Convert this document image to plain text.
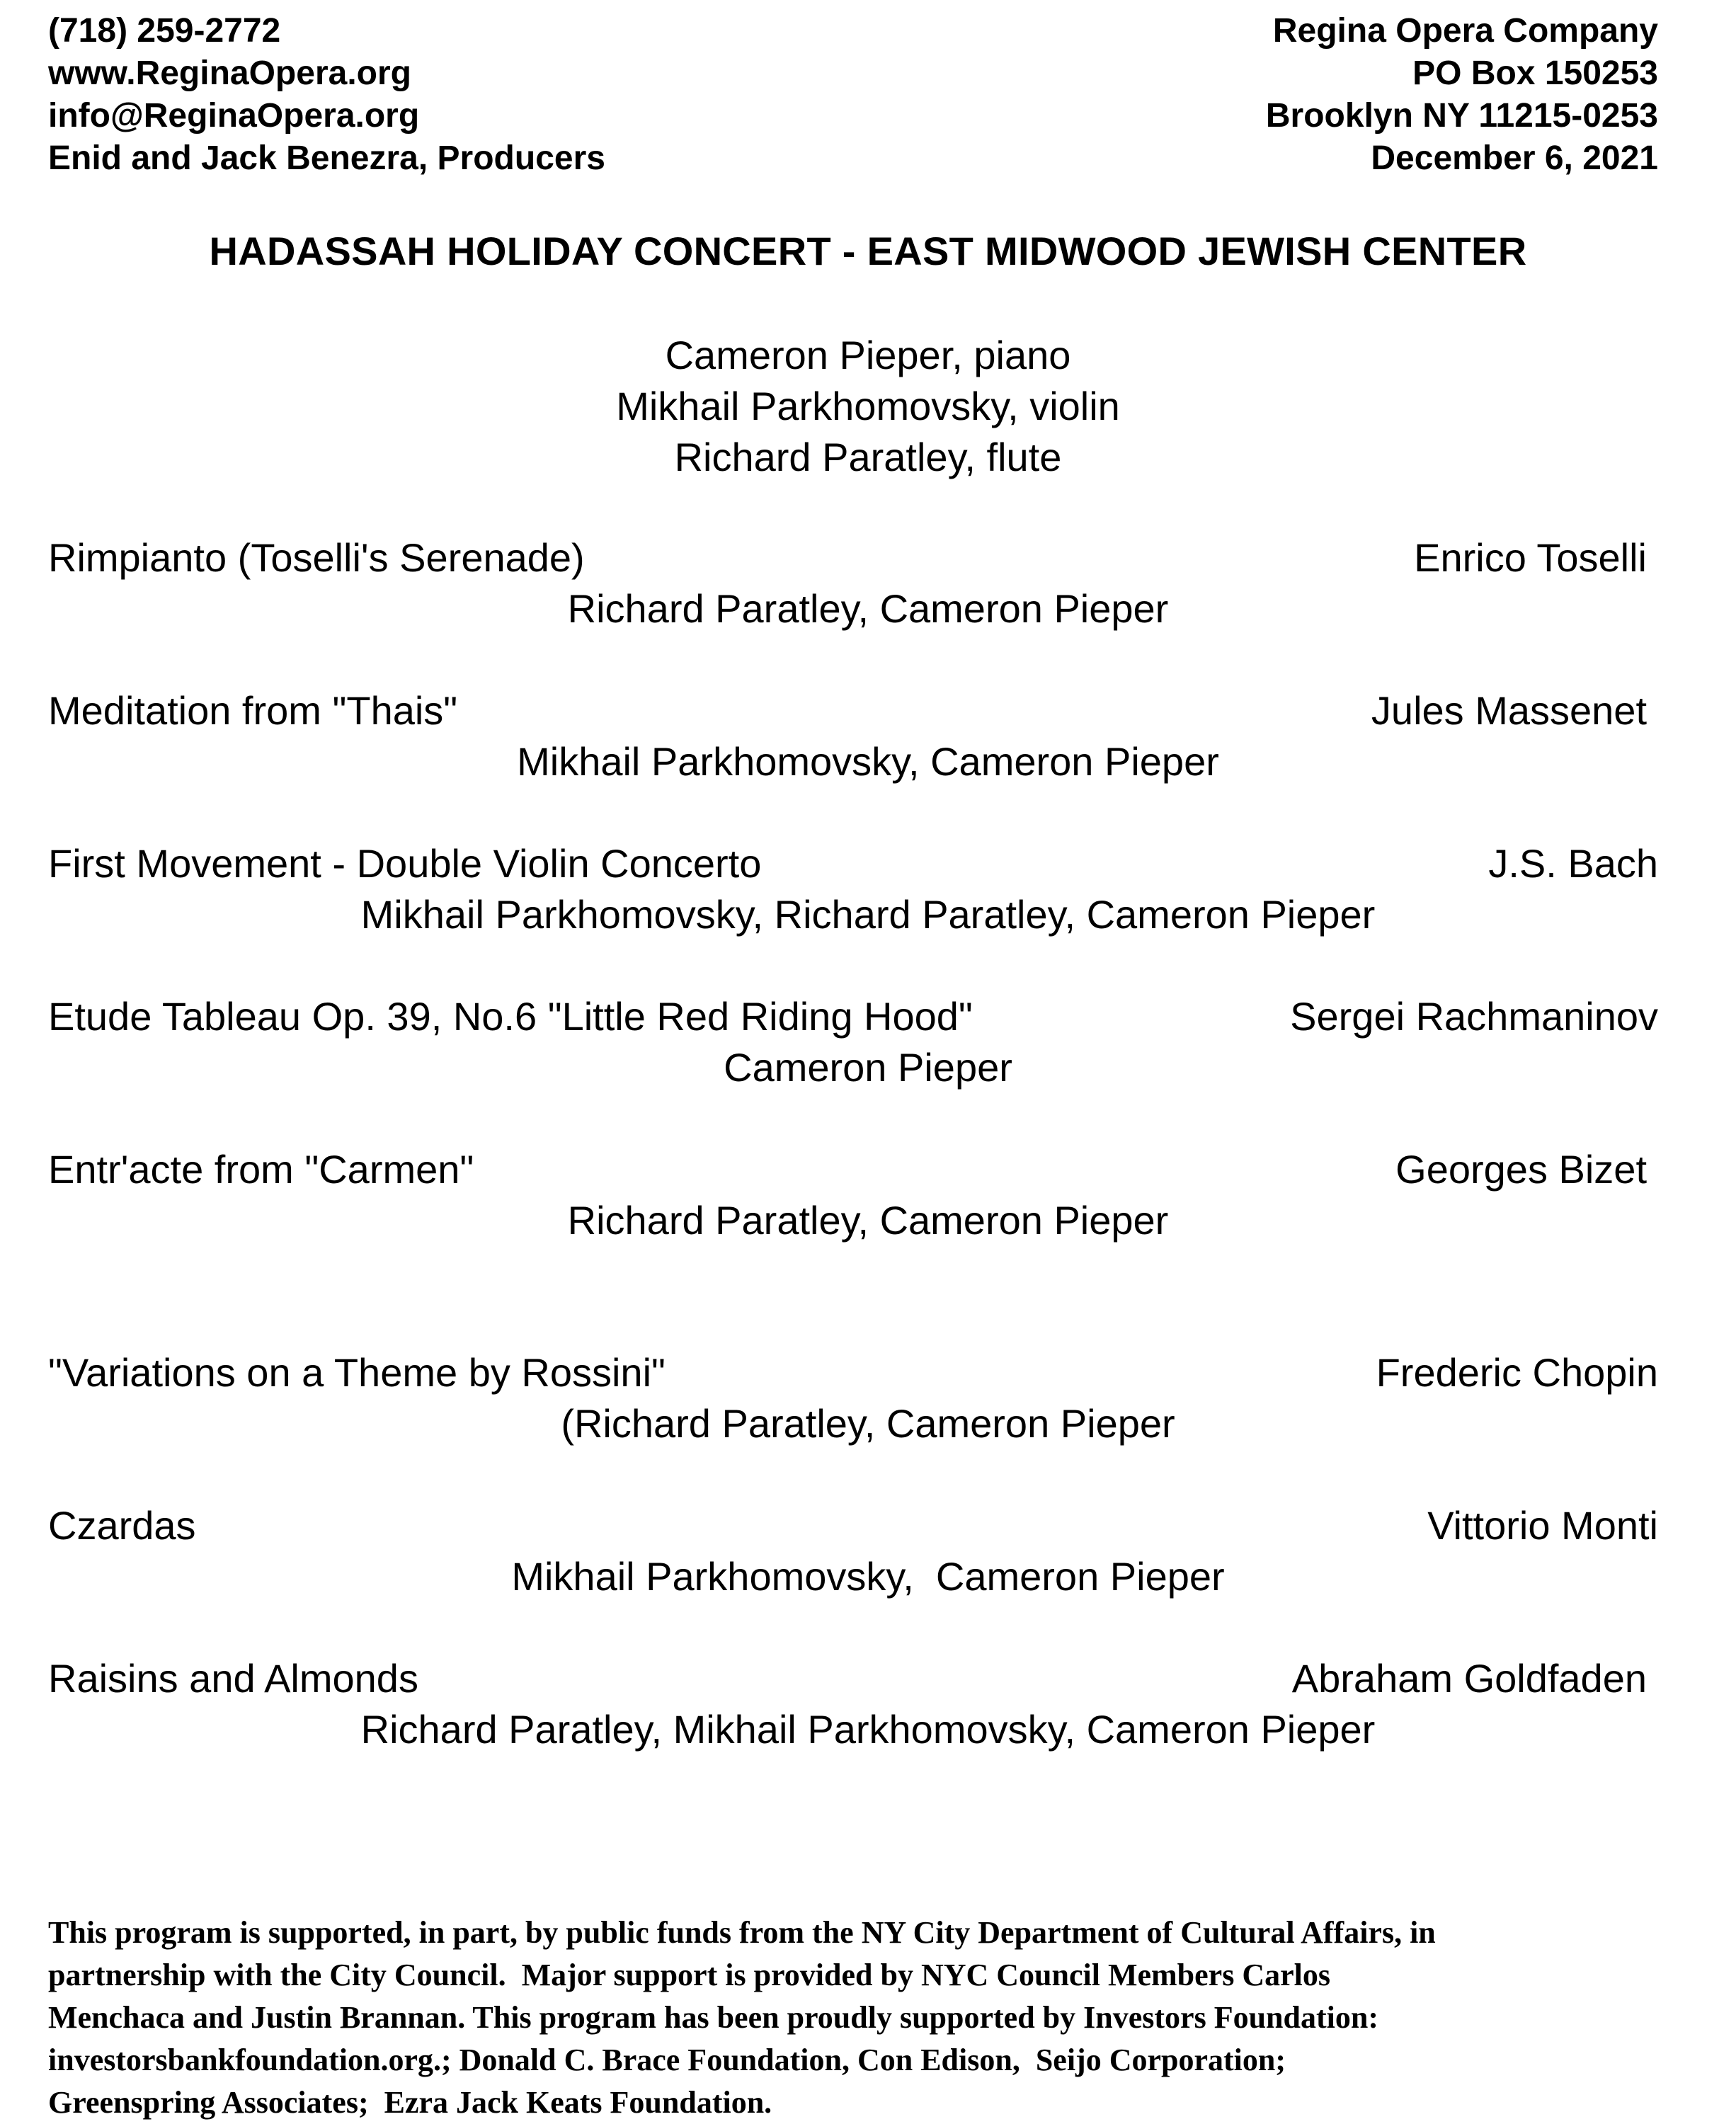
(718) 259-2772
www.ReginaOpera.org
info@ReginaOpera.org
Enid and Jack Benezra, Producers
Regina Opera Company
PO Box 150253
Brooklyn NY 11215-0253
December 6, 2021
HADASSAH HOLIDAY CONCERT - EAST MIDWOOD JEWISH CENTER
Cameron Pieper, piano
Mikhail Parkhomovsky, violin
Richard Paratley, flute
Rimpianto (Toselli's Serenade)	Enrico Toselli
Richard Paratley, Cameron Pieper
Meditation from "Thais"	Jules Massenet
Mikhail Parkhomovsky, Cameron Pieper
First Movement - Double Violin Concerto	J.S. Bach
Mikhail Parkhomovsky, Richard Paratley, Cameron Pieper
Etude Tableau Op. 39, No.6 "Little Red Riding Hood"	Sergei Rachmaninov
Cameron Pieper
Entr'acte from "Carmen"	Georges Bizet
Richard Paratley, Cameron Pieper
"Variations on a Theme by Rossini"	Frederic Chopin
(Richard Paratley, Cameron Pieper
Czardas	Vittorio Monti
Mikhail Parkhomovsky,  Cameron Pieper
Raisins and Almonds	Abraham Goldfaden
Richard Paratley, Mikhail Parkhomovsky, Cameron Pieper
This program is supported, in part, by public funds from the NY City Department of Cultural Affairs, in
partnership with the City Council.  Major support is provided by NYC Council Members Carlos
Menchaca and Justin Brannan. This program has been proudly supported by Investors Foundation:
investorsbankfoundation.org.; Donald C. Brace Foundation, Con Edison,  Seijo Corporation;
Greenspring Associates;  Ezra Jack Keats Foundation.
